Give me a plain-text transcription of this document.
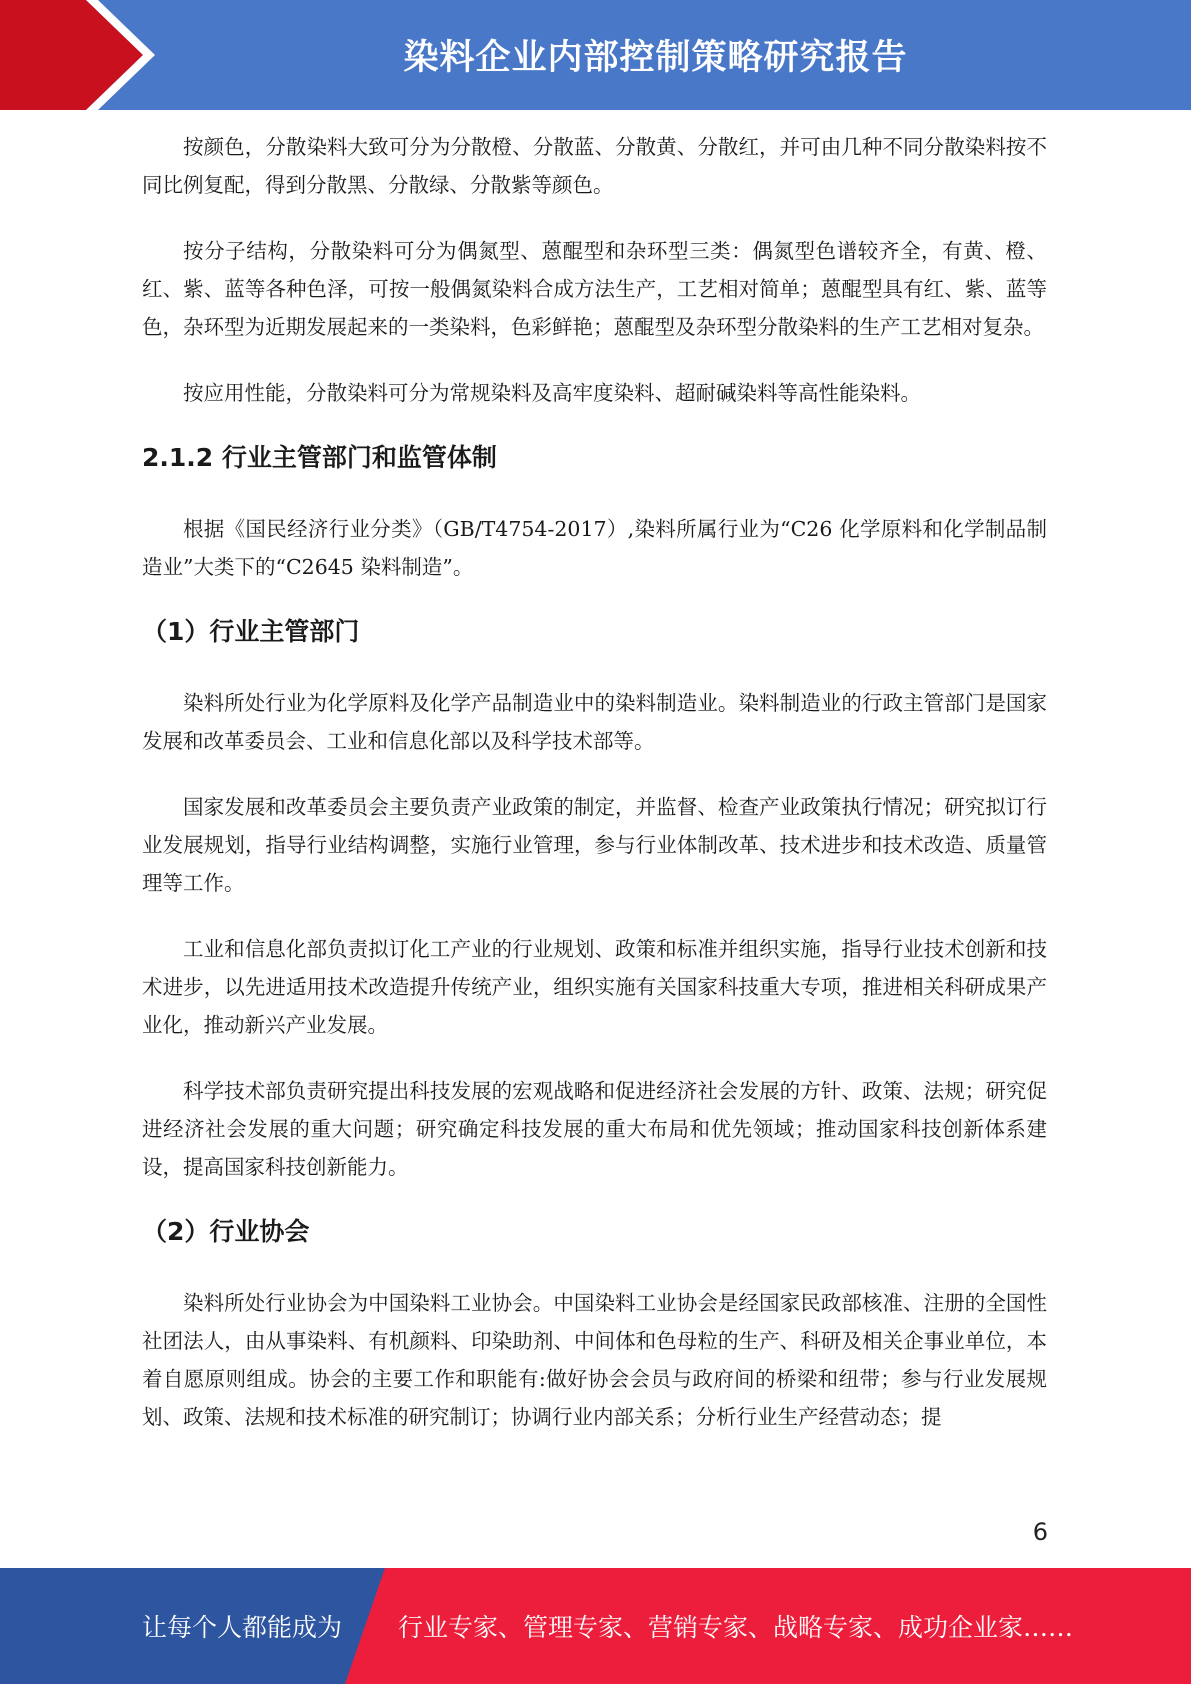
染料企业内部控制策略研究报告

按颜色，分散染料大致可分为分散橙、分散蓝、分散黄、分散红，并可由几种不同分散染料按不同比例复配，得到分散黑、分散绿、分散紫等颜色。

按分子结构，分散染料可分为偶氮型、蒽醌型和杂环型三类：偶氮型色谱较齐全，有黄、橙、红、紫、蓝等各种色泽，可按一般偶氮染料合成方法生产，工艺相对简单；蒽醌型具有红、紫、蓝等色，杂环型为近期发展起来的一类染料，色彩鲜艳；蒽醌型及杂环型分散染料的生产工艺相对复杂。

按应用性能，分散染料可分为常规染料及高牢度染料、超耐碱染料等高性能染料。

2.1.2 行业主管部门和监管体制

根据《国民经济行业分类》（GB/T4754-2017）,染料所属行业为“C26 化学原料和化学制品制造业”大类下的“C2645 染料制造”。

（1）行业主管部门

染料所处行业为化学原料及化学产品制造业中的染料制造业。染料制造业的行政主管部门是国家发展和改革委员会、工业和信息化部以及科学技术部等。

国家发展和改革委员会主要负责产业政策的制定，并监督、检查产业政策执行情况；研究拟订行业发展规划，指导行业结构调整，实施行业管理，参与行业体制改革、技术进步和技术改造、质量管理等工作。

工业和信息化部负责拟订化工产业的行业规划、政策和标准并组织实施，指导行业技术创新和技术进步，以先进适用技术改造提升传统产业，组织实施有关国家科技重大专项，推进相关科研成果产业化，推动新兴产业发展。

科学技术部负责研究提出科技发展的宏观战略和促进经济社会发展的方针、政策、法规；研究促进经济社会发展的重大问题；研究确定科技发展的重大布局和优先领域；推动国家科技创新体系建设，提高国家科技创新能力。

（2）行业协会

染料所处行业协会为中国染料工业协会。中国染料工业协会是经国家民政部核准、注册的全国性社团法人，由从事染料、有机颜料、印染助剂、中间体和色母粒的生产、科研及相关企事业单位，本着自愿原则组成。协会的主要工作和职能有:做好协会会员与政府间的桥梁和纽带；参与行业发展规划、政策、法规和技术标准的研究制订；协调行业内部关系；分析行业生产经营动态；提

6
让每个人都能成为 行业专家、管理专家、营销专家、战略专家、成功企业家……
